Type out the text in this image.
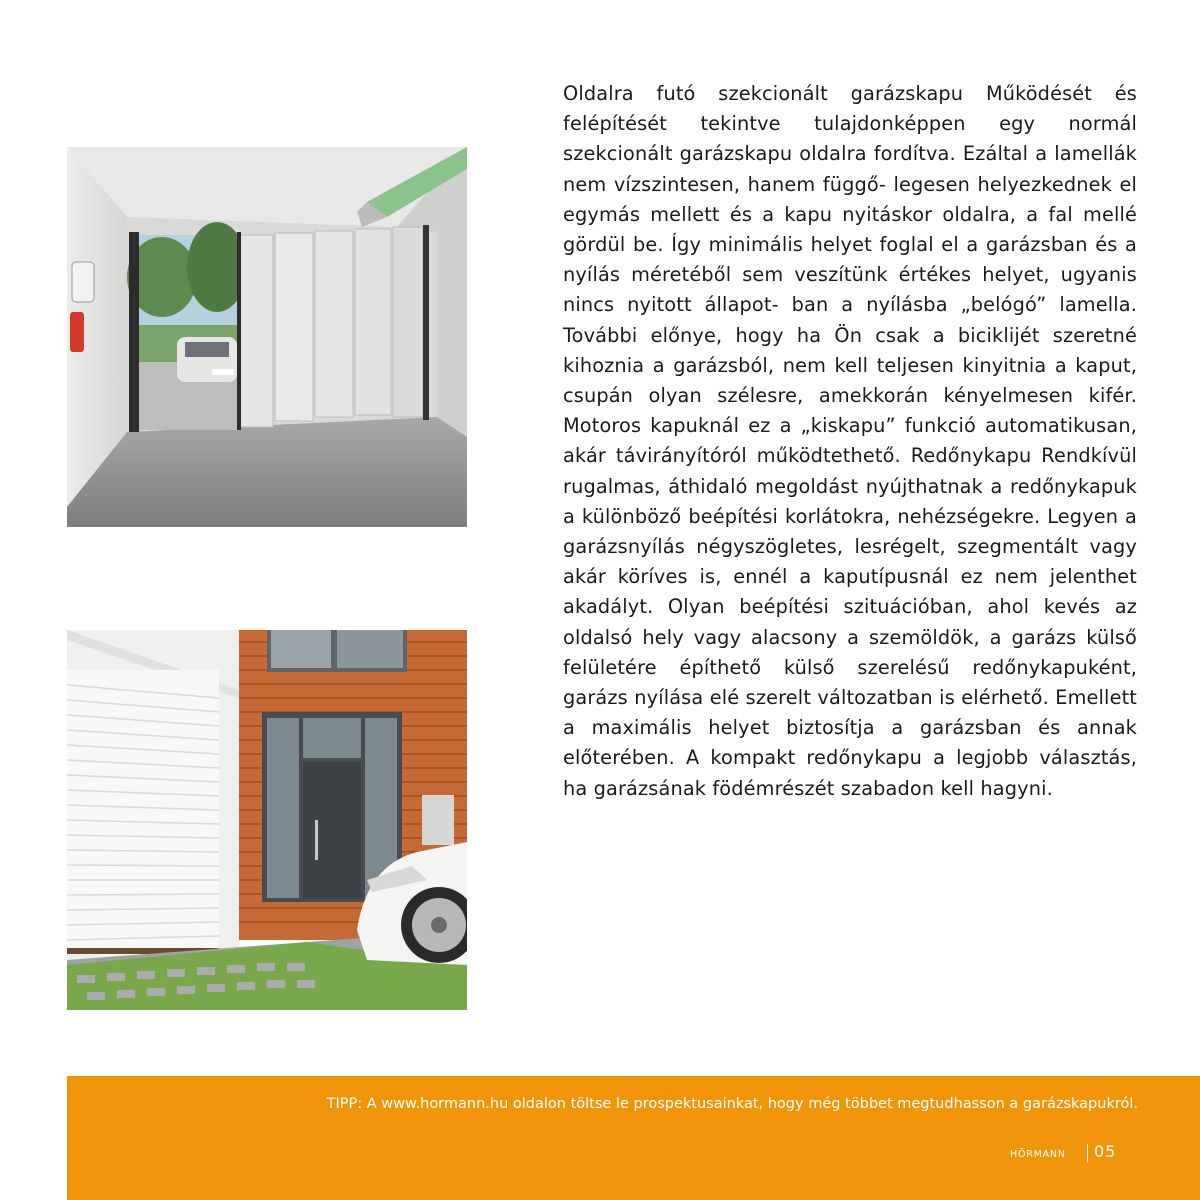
Oldalra futó szekcionált garázskapu Működését és felépítését tekintve tulajdonképpen egy normál szekcionált garázskapu oldalra fordítva. Ezáltal a lamellák nem vízszintesen, hanem függő- legesen helyezkednek el egymás mellett és a kapu nyitáskor oldalra, a fal mellé gördül be. Így minimális helyet foglal el a garázsban és a nyílás méretéből sem veszítünk értékes helyet, ugyanis nincs nyitott állapot- ban a nyílásba „belógó” lamella. További előnye, hogy ha Ön csak a biciklijét szeretné kihoznia a garázsból, nem kell teljesen kinyitnia a kaput, csupán olyan szélesre, amekkorán kényelmesen kifér. Motoros kapuknál ez a „kiskapu” funkció automatikusan, akár távirányítóról működtethető. Redőnykapu Rendkívül rugalmas, áthidaló megoldást nyújthatnak a redőnykapuk a különböző beépítési korlátokra, nehézségekre. Legyen a garázsnyílás négyszögletes, lesrégelt, szegmentált vagy akár köríves is, ennél a kaputípusnál ez nem jelenthet akadályt. Olyan beépítési szituációban, ahol kevés az oldalsó hely vagy alacsony a szemöldök, a garázs külső felületére építhető külső szerelésű redőnykapuként, garázs nyílása elé szerelt változatban is elérhető. Emellett a maximális helyet biztosítja a garázsban és annak előterében. A kompakt redőnykapu a legjobb választás, ha garázsának födémrészét szabadon kell hagyni.

TIPP: A www.hormann.hu oldalon töltse le prospektusainkat, hogy még többet megtudhasson a garázskapukról.
HÖRMANN 05
